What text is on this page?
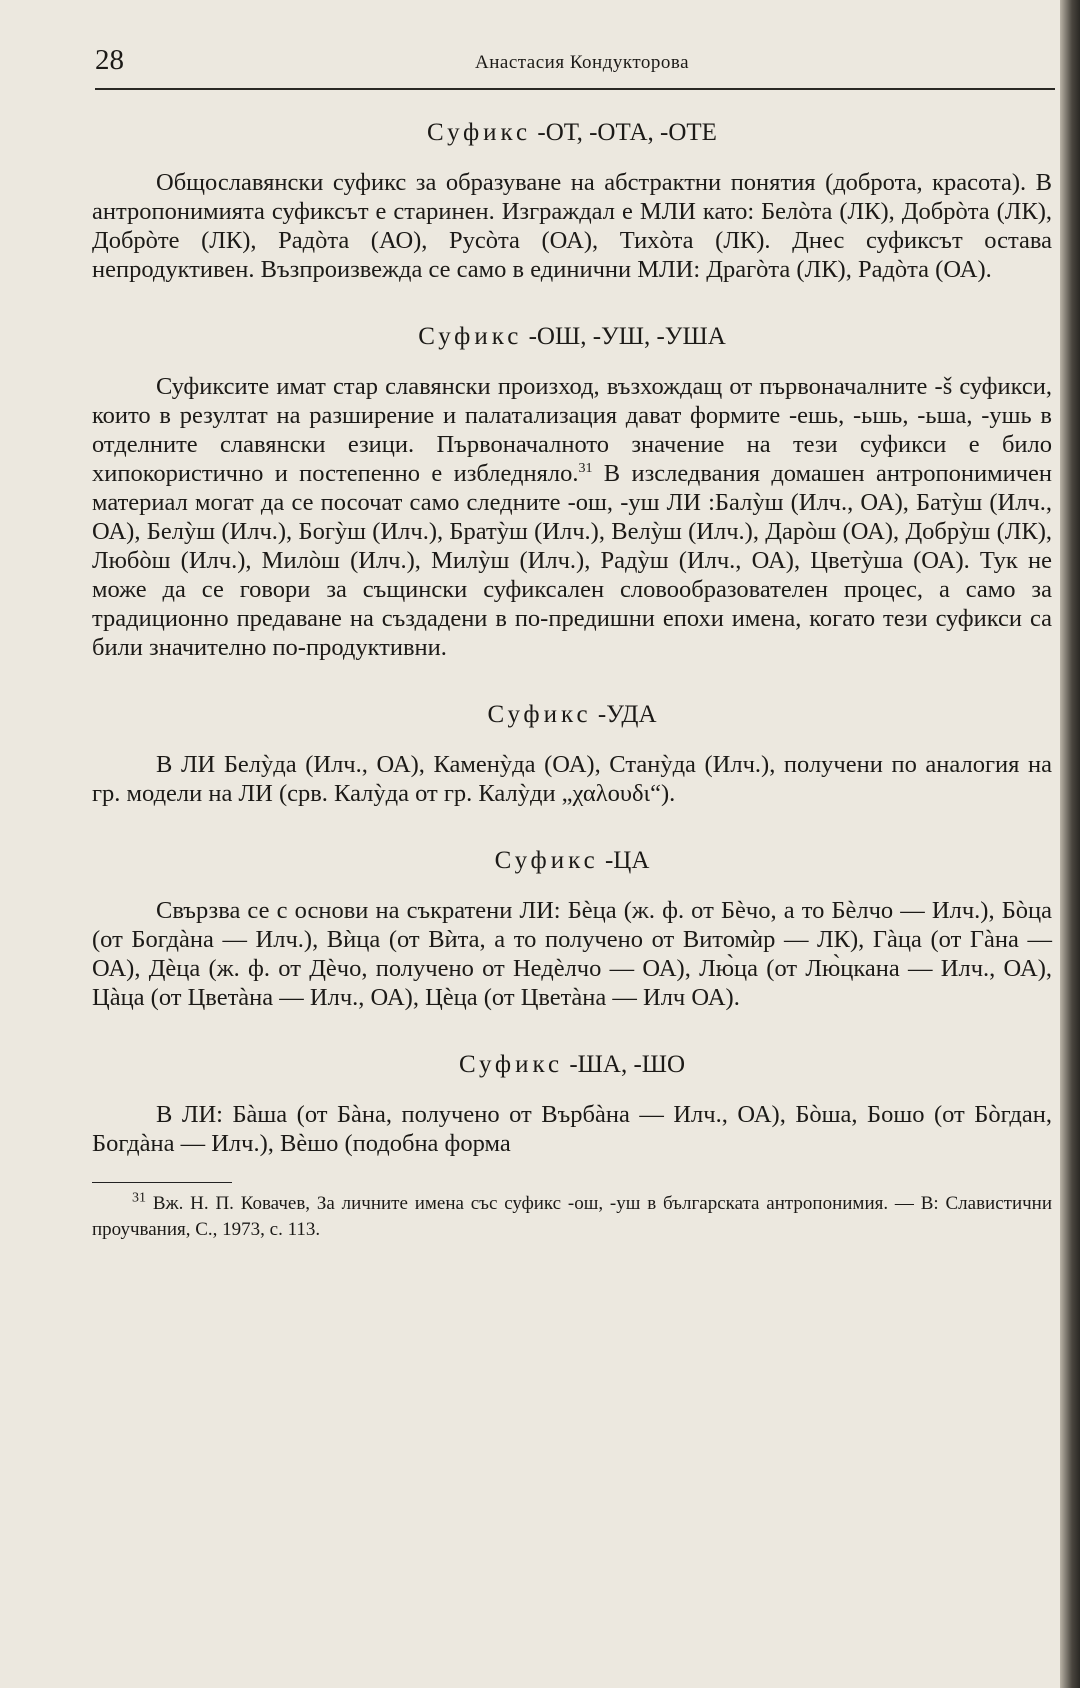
28	Анастасия Кондукторова
Суфикс -ОТ, -ОТА, -ОТЕ

Общославянски суфикс за образуване на абстрактни понятия (доброта, красота). В антропонимията суфиксът е старинен. Изграждал е МЛИ като: Белòта (ЛК), Добрòта (ЛК), Добрòте (ЛК), Радòта (АО), Русòта (ОА), Тихòта (ЛК). Днес суфиксът остава непродуктивен. Възпроизвежда се само в единични МЛИ: Драгòта (ЛК), Радòта (ОА).

Суфикс -ОШ, -УШ, -УША

Суфиксите имат стар славянски произход, възхождащ от първоначалните -š суфикси, които в резултат на разширение и палатализация дават формите -ешь, -ьшь, -ьша, -ушь в отделните славянски езици. Първоначалното значение на тези суфикси е било хипокористично и постепенно е избледняло.$^{31}$ В изследвания домашен антропонимичен материал могат да се посочат само следните -ош, -уш ЛИ :Балỳш (Илч., ОА), Батỳш (Илч., ОА), Белỳш (Илч.), Богỳш (Илч.), Братỳш (Илч.), Велỳш (Илч.), Дарòш (ОА), Добрỳш (ЛК), Любòш (Илч.), Милòш (Илч.), Милỳш (Илч.), Радỳш (Илч., ОА), Цветỳша (ОА). Тук не може да се говори за същински суфиксален словообразователен процес, а само за традиционно предаване на създадени в по-предишни епохи имена, когато тези суфикси са били значително по-продуктивни.

Суфикс -УДА

В ЛИ Белỳда (Илч., ОА), Каменỳда (ОА), Станỳда (Илч.), получени по аналогия на гр. модели на ЛИ (срв. Калỳда от гр. Калỳди „χαλoυδι“).

Суфикс -ЦА

Свързва се с основи на съкратени ЛИ: Бèца (ж. ф. от Бèчо, а то Бèлчо — Илч.), Бòца (от Богдàна — Илч.), Вѝца (от Вѝта, а то получено от Витомѝр — ЛК), Гàца (от Гàна — ОА), Дèца (ж. ф. от Дèчо, получено от Недèлчо — ОА), Лю̀ца (от Лю̀цкана — Илч., ОА), Цàца (от Цветàна — Илч., ОА), Цèца (от Цветàна — Илч ОА).

Суфикс -ША, -ШО

В ЛИ: Бàша (от Бàна, получено от Върбàна — Илч., ОА), Бòша, Бошо (от Бòгдан, Богдàна — Илч.), Вèшо (подобна форма

$^{31}$ Вж. Н. П. Ковачев, За личните имена със суфикс -ош, -уш в българската антропонимия. — В: Славистични проучвания, С., 1973, с. 113.
